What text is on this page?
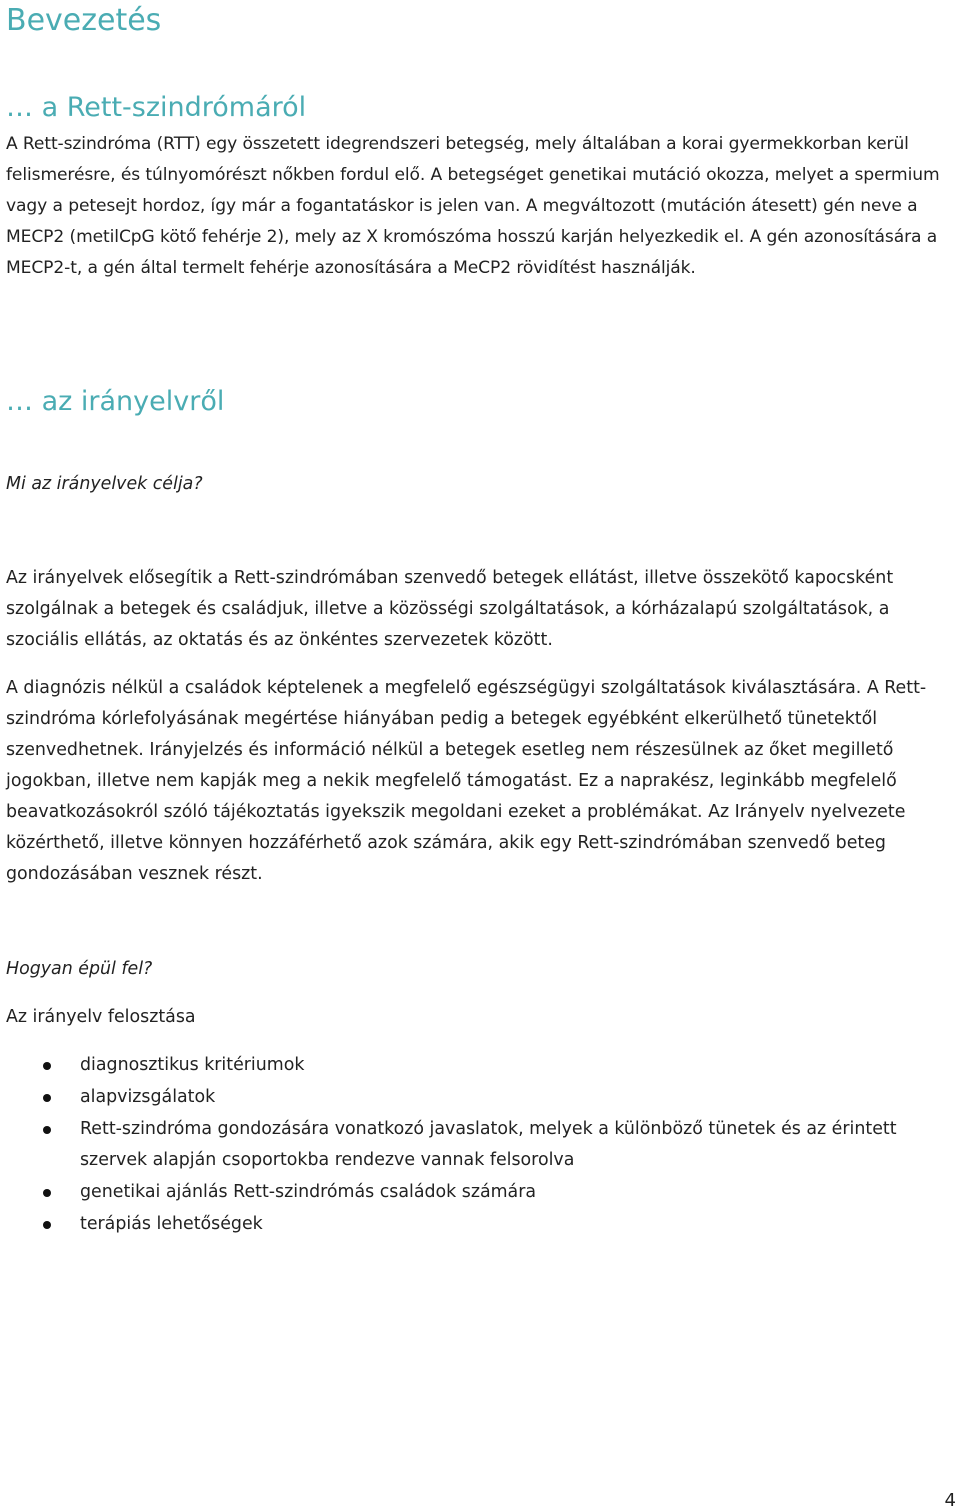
Bevezetés
… a Rett-szindrómáról

A Rett-szindróma (RTT) egy összetett idegrendszeri betegség, mely általában a korai gyermekkorban kerül felismerésre, és túlnyomórészt nőkben fordul elő. A betegséget genetikai mutáció okozza, melyet a spermium vagy a petesejt hordoz, így már a fogantatáskor is jelen van. A megváltozott (mutáción átesett) gén neve a MECP2 (metilCpG kötő fehérje 2), mely az X kromószóma hosszú karján helyezkedik el. A gén azonosítására a MECP2-t, a gén által termelt fehérje azonosítására a MeCP2 rövidítést használják.

… az irányelvről

Mi az irányelvek célja?

Az irányelvek elősegítik a Rett-szindrómában szenvedő betegek ellátást, illetve összekötő kapocsként szolgálnak a betegek és családjuk, illetve a közösségi szolgáltatások, a kórházalapú szolgáltatások, a szociális ellátás, az oktatás és az önkéntes szervezetek között.

A diagnózis nélkül a családok képtelenek a megfelelő egészségügyi szolgáltatások kiválasztására. A Rett-szindróma kórlefolyásának megértése hiányában pedig a betegek egyébként elkerülhető tünetektől szenvedhetnek. Irányjelzés és információ nélkül a betegek esetleg nem részesülnek az őket megillető jogokban, illetve nem kapják meg a nekik megfelelő támogatást. Ez a naprakész, leginkább megfelelő beavatkozásokról szóló tájékoztatás igyekszik megoldani ezeket a problémákat. Az Irányelv nyelvezete közérthető, illetve könnyen hozzáférhető azok számára, akik egy Rett-szindrómában szenvedő beteg gondozásában vesznek részt.

Hogyan épül fel?

Az irányelv felosztása

diagnosztikus kritériumok
alapvizsgálatok
Rett-szindróma gondozására vonatkozó javaslatok, melyek a különböző tünetek és az érintett szervek alapján csoportokba rendezve vannak felsorolva
genetikai ajánlás Rett-szindrómás családok számára
terápiás lehetőségek
4
